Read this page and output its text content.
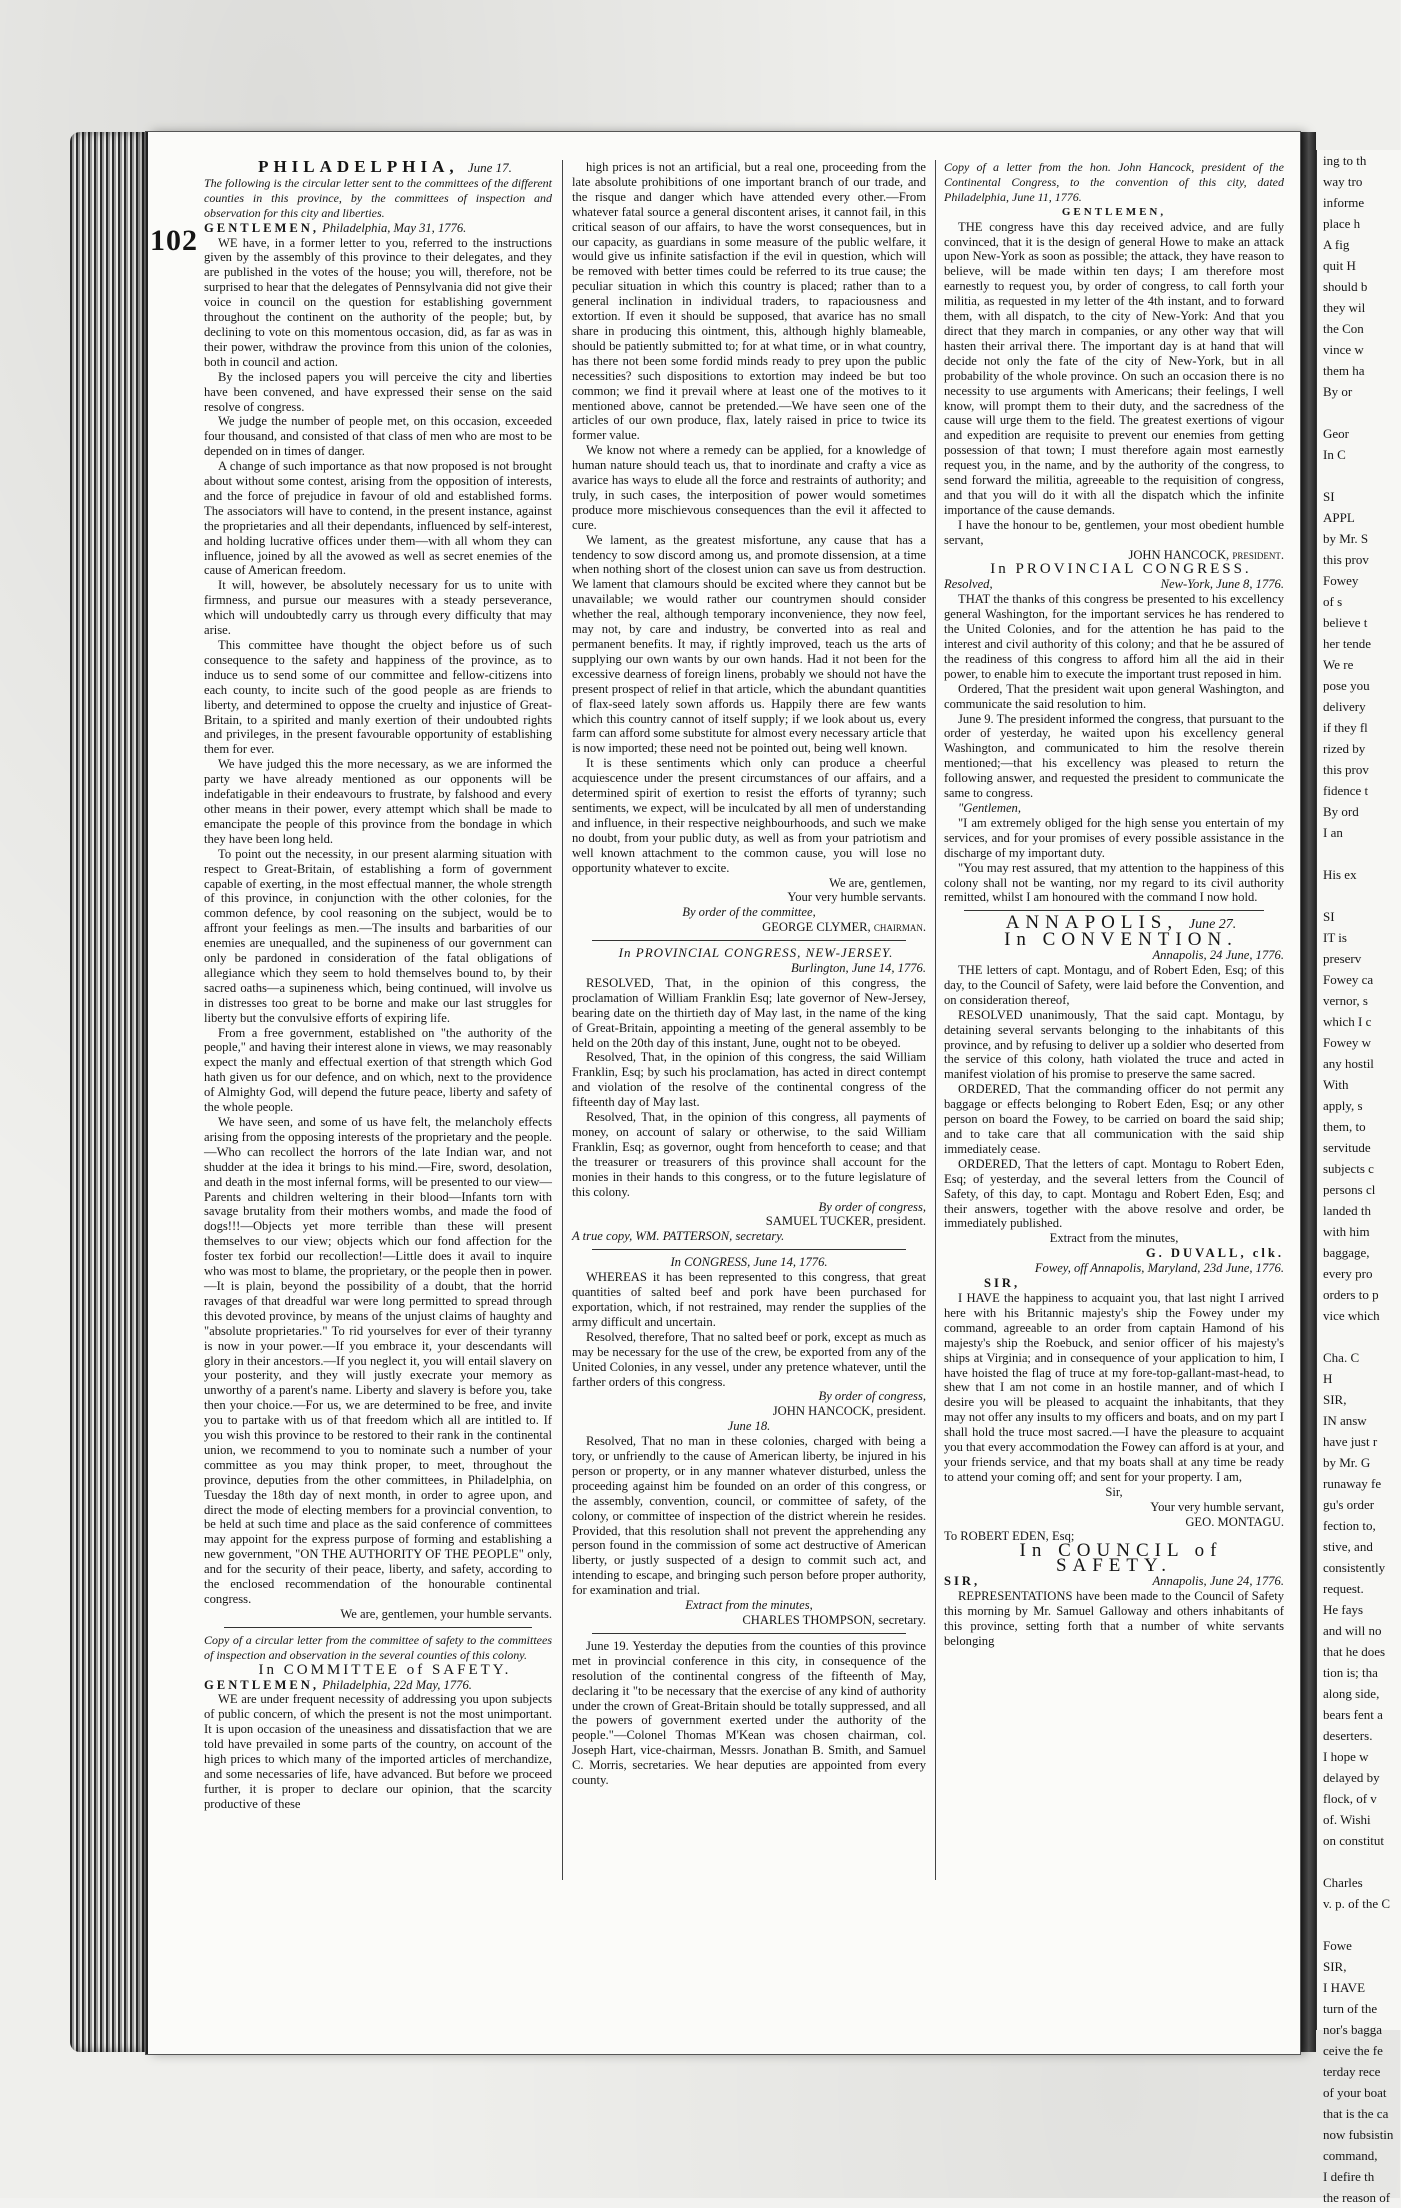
ing to th
way tro
informe
place h
A fig
quit H
should b
they wil
the Con
vince w
them ha
By or

Geor
In C

SI
APPL
by Mr. S
this prov
Fowey
of s
believe t
her tende
We re
pose you
delivery
if they fl
rized by
this prov
fidence t
By ord
I an

His ex

SI
IT is
preserv
Fowey ca
vernor, s
which I c
Fowey w
any hostil
With
apply, s
them, to
servitude
subjects c
persons cl
landed th
with him
baggage,
every pro
orders to p
vice which

Cha. C
H
SIR,
IN answ
have just r
by Mr. G
runaway fe
gu's order
fection to,
stive, and
consistently
request.
He fays
and will no
that he does
tion is; tha
along side,
bears fent a
deserters.
I hope w
delayed by
flock, of v
of. Wishi
on constitut

Charles
v. p. of the C

Fowe
SIR,
I HAVE
turn of the
nor's bagga
ceive the fe
terday rece
of your boat
that is the ca
now fubsistin
command,
I defire th
the reason of
102

PHILADELPHIA, June 17.

The following is the circular letter sent to the committees of the different counties in this province, by the committees of inspection and observation for this city and liberties.

GENTLEMEN, Philadelphia, May 31, 1776.

WE have, in a former letter to you, referred to the instructions given by the assembly of this province to their delegates, and they are published in the votes of the house; you will, therefore, not be surprised to hear that the delegates of Pennsylvania did not give their voice in council on the question for establishing government throughout the continent on the authority of the people; but, by declining to vote on this momentous occasion, did, as far as was in their power, withdraw the province from this union of the colonies, both in council and action.

By the inclosed papers you will perceive the city and liberties have been convened, and have expressed their sense on the said resolve of congress.

We judge the number of people met, on this occasion, exceeded four thousand, and consisted of that class of men who are most to be depended on in times of danger.

A change of such importance as that now proposed is not brought about without some contest, arising from the opposition of interests, and the force of prejudice in favour of old and established forms. The associators will have to contend, in the present instance, against the proprietaries and all their dependants, influenced by self-interest, and holding lucrative offices under them—with all whom they can influence, joined by all the avowed as well as secret enemies of the cause of American freedom.

It will, however, be absolutely necessary for us to unite with firmness, and pursue our measures with a steady perseverance, which will undoubtedly carry us through every difficulty that may arise.

This committee have thought the object before us of such consequence to the safety and happiness of the province, as to induce us to send some of our committee and fellow-citizens into each county, to incite such of the good people as are friends to liberty, and determined to oppose the cruelty and injustice of Great-Britain, to a spirited and manly exertion of their undoubted rights and privileges, in the present favourable opportunity of establishing them for ever.

We have judged this the more necessary, as we are informed the party we have already mentioned as our opponents will be indefatigable in their endeavours to frustrate, by falshood and every other means in their power, every attempt which shall be made to emancipate the people of this province from the bondage in which they have been long held.

To point out the necessity, in our present alarming situation with respect to Great-Britain, of establishing a form of government capable of exerting, in the most effectual manner, the whole strength of this province, in conjunction with the other colonies, for the common defence, by cool reasoning on the subject, would be to affront your feelings as men.—The insults and barbarities of our enemies are unequalled, and the supineness of our government can only be pardoned in consideration of the fatal obligations of allegiance which they seem to hold themselves bound to, by their sacred oaths—a supineness which, being continued, will involve us in distresses too great to be borne and make our last struggles for liberty but the convulsive efforts of expiring life.

From a free government, established on "the authority of the people," and having their interest alone in views, we may reasonably expect the manly and effectual exertion of that strength which God hath given us for our defence, and on which, next to the providence of Almighty God, will depend the future peace, liberty and safety of the whole people.

We have seen, and some of us have felt, the melancholy effects arising from the opposing interests of the proprietary and the people.—Who can recollect the horrors of the late Indian war, and not shudder at the idea it brings to his mind.—Fire, sword, desolation, and death in the most infernal forms, will be presented to our view—Parents and children weltering in their blood—Infants torn with savage brutality from their mothers wombs, and made the food of dogs!!!—Objects yet more terrible than these will present themselves to our view; objects which our fond affection for the foster tex forbid our recollection!—Little does it avail to inquire who was most to blame, the proprietary, or the people then in power.—It is plain, beyond the possibility of a doubt, that the horrid ravages of that dreadful war were long permitted to spread through this devoted province, by means of the unjust claims of haughty and "absolute proprietaries." To rid yourselves for ever of their tyranny is now in your power.—If you embrace it, your descendants will glory in their ancestors.—If you neglect it, you will entail slavery on your posterity, and they will justly execrate your memory as unworthy of a parent's name. Liberty and slavery is before you, take then your choice.—For us, we are determined to be free, and invite you to partake with us of that freedom which all are intitled to. If you wish this province to be restored to their rank in the continental union, we recommend to you to nominate such a number of your committee as you may think proper, to meet, throughout the province, deputies from the other committees, in Philadelphia, on Tuesday the 18th day of next month, in order to agree upon, and direct the mode of electing members for a provincial convention, to be held at such time and place as the said conference of committees may appoint for the express purpose of forming and establishing a new government, "ON THE AUTHORITY OF THE PEOPLE" only, and for the security of their peace, liberty, and safety, according to the enclosed recommendation of the honourable continental congress.

We are, gentlemen, your humble servants.

Copy of a circular letter from the committee of safety to the committees of inspection and observation in the several counties of this colony.

In COMMITTEE of SAFETY.

GENTLEMEN, Philadelphia, 22d May, 1776.

WE are under frequent necessity of addressing you upon subjects of public concern, of which the present is not the most unimportant. It is upon occasion of the uneasiness and dissatisfaction that we are told have prevailed in some parts of the country, on account of the high prices to which many of the imported articles of merchandize, and some necessaries of life, have advanced. But before we proceed further, it is proper to declare our opinion, that the scarcity productive of these

high prices is not an artificial, but a real one, proceeding from the late absolute prohibitions of one important branch of our trade, and the risque and danger which have attended every other.—From whatever fatal source a general discontent arises, it cannot fail, in this critical season of our affairs, to have the worst consequences, but in our capacity, as guardians in some measure of the public welfare, it would give us infinite satisfaction if the evil in question, which will be removed with better times could be referred to its true cause; the peculiar situation in which this country is placed; rather than to a general inclination in individual traders, to rapaciousness and extortion. If even it should be supposed, that avarice has no small share in producing this ointment, this, although highly blameable, should be patiently submitted to; for at what time, or in what country, has there not been some fordid minds ready to prey upon the public necessities? such dispositions to extortion may indeed be but too common; we find it prevail where at least one of the motives to it mentioned above, cannot be pretended.—We have seen one of the articles of our own produce, flax, lately raised in price to twice its former value.

We know not where a remedy can be applied, for a knowledge of human nature should teach us, that to inordinate and crafty a vice as avarice has ways to elude all the force and restraints of authority; and truly, in such cases, the interposition of power would sometimes produce more mischievous consequences than the evil it affected to cure.

We lament, as the greatest misfortune, any cause that has a tendency to sow discord among us, and promote dissension, at a time when nothing short of the closest union can save us from destruction. We lament that clamours should be excited where they cannot but be unavailable; we would rather our countrymen should consider whether the real, although temporary inconvenience, they now feel, may not, by care and industry, be converted into as real and permanent benefits. It may, if rightly improved, teach us the arts of supplying our own wants by our own hands. Had it not been for the excessive dearness of foreign linens, probably we should not have the present prospect of relief in that article, which the abundant quantities of flax-seed lately sown affords us. Happily there are few wants which this country cannot of itself supply; if we look about us, every farm can afford some substitute for almost every necessary article that is now imported; these need not be pointed out, being well known.

It is these sentiments which only can produce a cheerful acquiescence under the present circumstances of our affairs, and a determined spirit of exertion to resist the efforts of tyranny; such sentiments, we expect, will be inculcated by all men of understanding and influence, in their respective neighbourhoods, and such we make no doubt, from your public duty, as well as from your patriotism and well known attachment to the common cause, you will lose no opportunity whatever to excite.

We are, gentlemen,

Your very humble servants.

By order of the committee,

GEORGE CLYMER, chairman.

In PROVINCIAL CONGRESS, NEW-JERSEY.

Burlington, June 14, 1776.

RESOLVED, That, in the opinion of this congress, the proclamation of William Franklin Esq; late governor of New-Jersey, bearing date on the thirtieth day of May last, in the name of the king of Great-Britain, appointing a meeting of the general assembly to be held on the 20th day of this instant, June, ought not to be obeyed.

Resolved, That, in the opinion of this congress, the said William Franklin, Esq; by such his proclamation, has acted in direct contempt and violation of the resolve of the continental congress of the fifteenth day of May last.

Resolved, That, in the opinion of this congress, all payments of money, on account of salary or otherwise, to the said William Franklin, Esq; as governor, ought from henceforth to cease; and that the treasurer or treasurers of this province shall account for the monies in their hands to this congress, or to the future legislature of this colony.

By order of congress,

SAMUEL TUCKER, president.

A true copy, WM. PATTERSON, secretary.

In CONGRESS, June 14, 1776.

WHEREAS it has been represented to this congress, that great quantities of salted beef and pork have been purchased for exportation, which, if not restrained, may render the supplies of the army difficult and uncertain.

Resolved, therefore, That no salted beef or pork, except as much as may be necessary for the use of the crew, be exported from any of the United Colonies, in any vessel, under any pretence whatever, until the farther orders of this congress.

By order of congress,

JOHN HANCOCK, president.

June 18.

Resolved, That no man in these colonies, charged with being a tory, or unfriendly to the cause of American liberty, be injured in his person or property, or in any manner whatever disturbed, unless the proceeding against him be founded on an order of this congress, or the assembly, convention, council, or committee of safety, of the colony, or committee of inspection of the district wherein he resides. Provided, that this resolution shall not prevent the apprehending any person found in the commission of some act destructive of American liberty, or justly suspected of a design to commit such act, and intending to escape, and bringing such person before proper authority, for examination and trial.

Extract from the minutes,

CHARLES THOMPSON, secretary.

June 19. Yesterday the deputies from the counties of this province met in provincial conference in this city, in consequence of the resolution of the continental congress of the fifteenth of May, declaring it "to be necessary that the exercise of any kind of authority under the crown of Great-Britain should be totally suppressed, and all the powers of government exerted under the authority of the people."—Colonel Thomas M'Kean was chosen chairman, col. Joseph Hart, vice-chairman, Messrs. Jonathan B. Smith, and Samuel C. Morris, secretaries. We hear deputies are appointed from every county.

Copy of a letter from the hon. John Hancock, president of the Continental Congress, to the convention of this city, dated Philadelphia, June 11, 1776.

GENTLEMEN,

THE congress have this day received advice, and are fully convinced, that it is the design of general Howe to make an attack upon New-York as soon as possible; the attack, they have reason to believe, will be made within ten days; I am therefore most earnestly to request you, by order of congress, to call forth your militia, as requested in my letter of the 4th instant, and to forward them, with all dispatch, to the city of New-York: And that you direct that they march in companies, or any other way that will hasten their arrival there. The important day is at hand that will decide not only the fate of the city of New-York, but in all probability of the whole province. On such an occasion there is no necessity to use arguments with Americans; their feelings, I well know, will prompt them to their duty, and the sacredness of the cause will urge them to the field. The greatest exertions of vigour and expedition are requisite to prevent our enemies from getting possession of that town; I must therefore again most earnestly request you, in the name, and by the authority of the congress, to send forward the militia, agreeable to the requisition of congress, and that you will do it with all the dispatch which the infinite importance of the cause demands.

I have the honour to be, gentlemen, your most obedient humble servant,

JOHN HANCOCK, president.

In PROVINCIAL CONGRESS.

Resolved,	New-York, June 8, 1776.

THAT the thanks of this congress be presented to his excellency general Washington, for the important services he has rendered to the United Colonies, and for the attention he has paid to the interest and civil authority of this colony; and that he be assured of the readiness of this congress to afford him all the aid in their power, to enable him to execute the important trust reposed in him.

Ordered, That the president wait upon general Washington, and communicate the said resolution to him.

June 9. The president informed the congress, that pursuant to the order of yesterday, he waited upon his excellency general Washington, and communicated to him the resolve therein mentioned;—that his excellency was pleased to return the following answer, and requested the president to communicate the same to congress.

"Gentlemen,

"I am extremely obliged for the high sense you entertain of my services, and for your promises of every possible assistance in the discharge of my important duty.

"You may rest assured, that my attention to the happiness of this colony shall not be wanting, nor my regard to its civil authority remitted, whilst I am honoured with the command I now hold.

ANNAPOLIS, June 27.

In CONVENTION.

Annapolis, 24 June, 1776.

THE letters of capt. Montagu, and of Robert Eden, Esq; of this day, to the Council of Safety, were laid before the Convention, and on consideration thereof,

RESOLVED unanimously, That the said capt. Montagu, by detaining several servants belonging to the inhabitants of this province, and by refusing to deliver up a soldier who deserted from the service of this colony, hath violated the truce and acted in manifest violation of his promise to preserve the same sacred.

ORDERED, That the commanding officer do not permit any baggage or effects belonging to Robert Eden, Esq; or any other person on board the Fowey, to be carried on board the said ship; and to take care that all communication with the said ship immediately cease.

ORDERED, That the letters of capt. Montagu to Robert Eden, Esq; of yesterday, and the several letters from the Council of Safety, of this day, to capt. Montagu and Robert Eden, Esq; and their answers, together with the above resolve and order, be immediately published.

Extract from the minutes,

G. DUVALL, clk.

Fowey, off Annapolis, Maryland, 23d June, 1776.

SIR,

I HAVE the happiness to acquaint you, that last night I arrived here with his Britannic majesty's ship the Fowey under my command, agreeable to an order from captain Hamond of his majesty's ship the Roebuck, and senior officer of his majesty's ships at Virginia; and in consequence of your application to him, I have hoisted the flag of truce at my fore-top-gallant-mast-head, to shew that I am not come in an hostile manner, and of which I desire you will be pleased to acquaint the inhabitants, that they may not offer any insults to my officers and boats, and on my part I shall hold the truce most sacred.—I have the pleasure to acquaint you that every accommodation the Fowey can afford is at your, and your friends service, and that my boats shall at any time be ready to attend your coming off; and sent for your property. I am,

Sir,

Your very humble servant,

GEO. MONTAGU.

To ROBERT EDEN, Esq;

In COUNCIL of SAFETY.

SIR,	Annapolis, June 24, 1776.

REPRESENTATIONS have been made to the Council of Safety this morning by Mr. Samuel Galloway and others inhabitants of this province, setting forth that a number of white servants belonging
